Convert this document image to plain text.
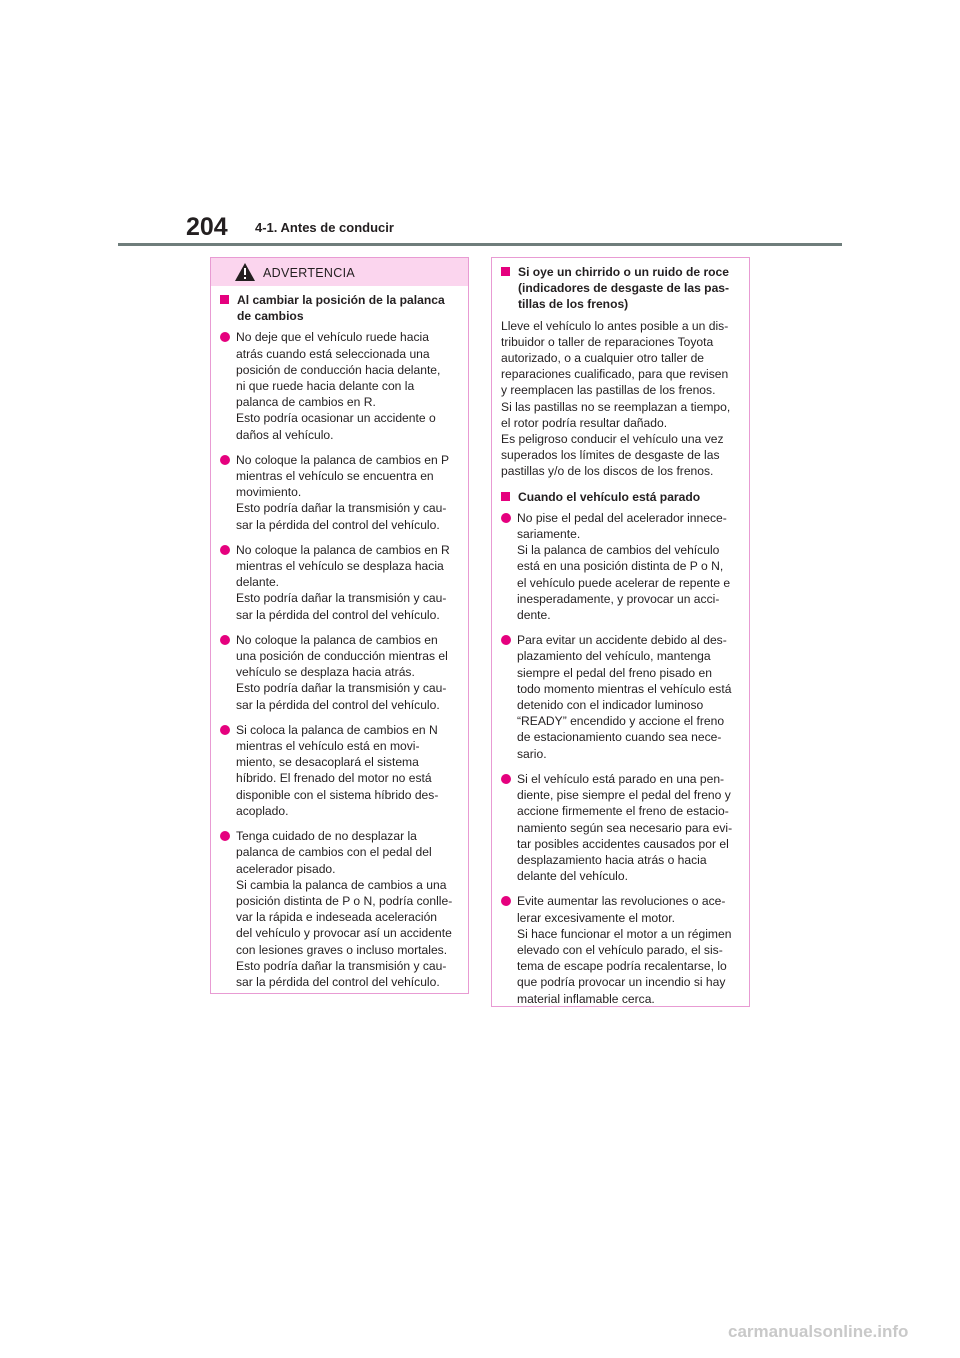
204 4-1. Antes de conducir
ADVERTENCIA
Al cambiar la posición de la palanca
de cambios
No deje que el vehículo ruede hacia
atrás cuando está seleccionada una
posición de conducción hacia delante,
ni que ruede hacia delante con la
palanca de cambios en R.
Esto podría ocasionar un accidente o
daños al vehículo.
No coloque la palanca de cambios en P
mientras el vehículo se encuentra en
movimiento.
Esto podría dañar la transmisión y cau-
sar la pérdida del control del vehículo.
No coloque la palanca de cambios en R
mientras el vehículo se desplaza hacia
delante.
Esto podría dañar la transmisión y cau-
sar la pérdida del control del vehículo.
No coloque la palanca de cambios en
una posición de conducción mientras el
vehículo se desplaza hacia atrás.
Esto podría dañar la transmisión y cau-
sar la pérdida del control del vehículo.
Si coloca la palanca de cambios en N
mientras el vehículo está en movi-
miento, se desacoplará el sistema
híbrido. El frenado del motor no está
disponible con el sistema híbrido des-
acoplado.
Tenga cuidado de no desplazar la
palanca de cambios con el pedal del
acelerador pisado.
Si cambia la palanca de cambios a una
posición distinta de P o N, podría conlle-
var la rápida e indeseada aceleración
del vehículo y provocar así un accidente
con lesiones graves o incluso mortales.
Esto podría dañar la transmisión y cau-
sar la pérdida del control del vehículo.
Si oye un chirrido o un ruido de roce
(indicadores de desgaste de las pas-
tillas de los frenos)
Lleve el vehículo lo antes posible a un dis-
tribuidor o taller de reparaciones Toyota
autorizado, o a cualquier otro taller de
reparaciones cualificado, para que revisen
y reemplacen las pastillas de los frenos.
Si las pastillas no se reemplazan a tiempo,
el rotor podría resultar dañado.
Es peligroso conducir el vehículo una vez
superados los límites de desgaste de las
pastillas y/o de los discos de los frenos.
Cuando el vehículo está parado
No pise el pedal del acelerador innece-
sariamente.
Si la palanca de cambios del vehículo
está en una posición distinta de P o N,
el vehículo puede acelerar de repente e
inesperadamente, y provocar un acci-
dente.
Para evitar un accidente debido al des-
plazamiento del vehículo, mantenga
siempre el pedal del freno pisado en
todo momento mientras el vehículo está
detenido con el indicador luminoso
“READY” encendido y accione el freno
de estacionamiento cuando sea nece-
sario.
Si el vehículo está parado en una pen-
diente, pise siempre el pedal del freno y
accione firmemente el freno de estacio-
namiento según sea necesario para evi-
tar posibles accidentes causados por el
desplazamiento hacia atrás o hacia
delante del vehículo.
Evite aumentar las revoluciones o ace-
lerar excesivamente el motor.
Si hace funcionar el motor a un régimen
elevado con el vehículo parado, el sis-
tema de escape podría recalentarse, lo
que podría provocar un incendio si hay
material inflamable cerca.
carmanualsonline.info
